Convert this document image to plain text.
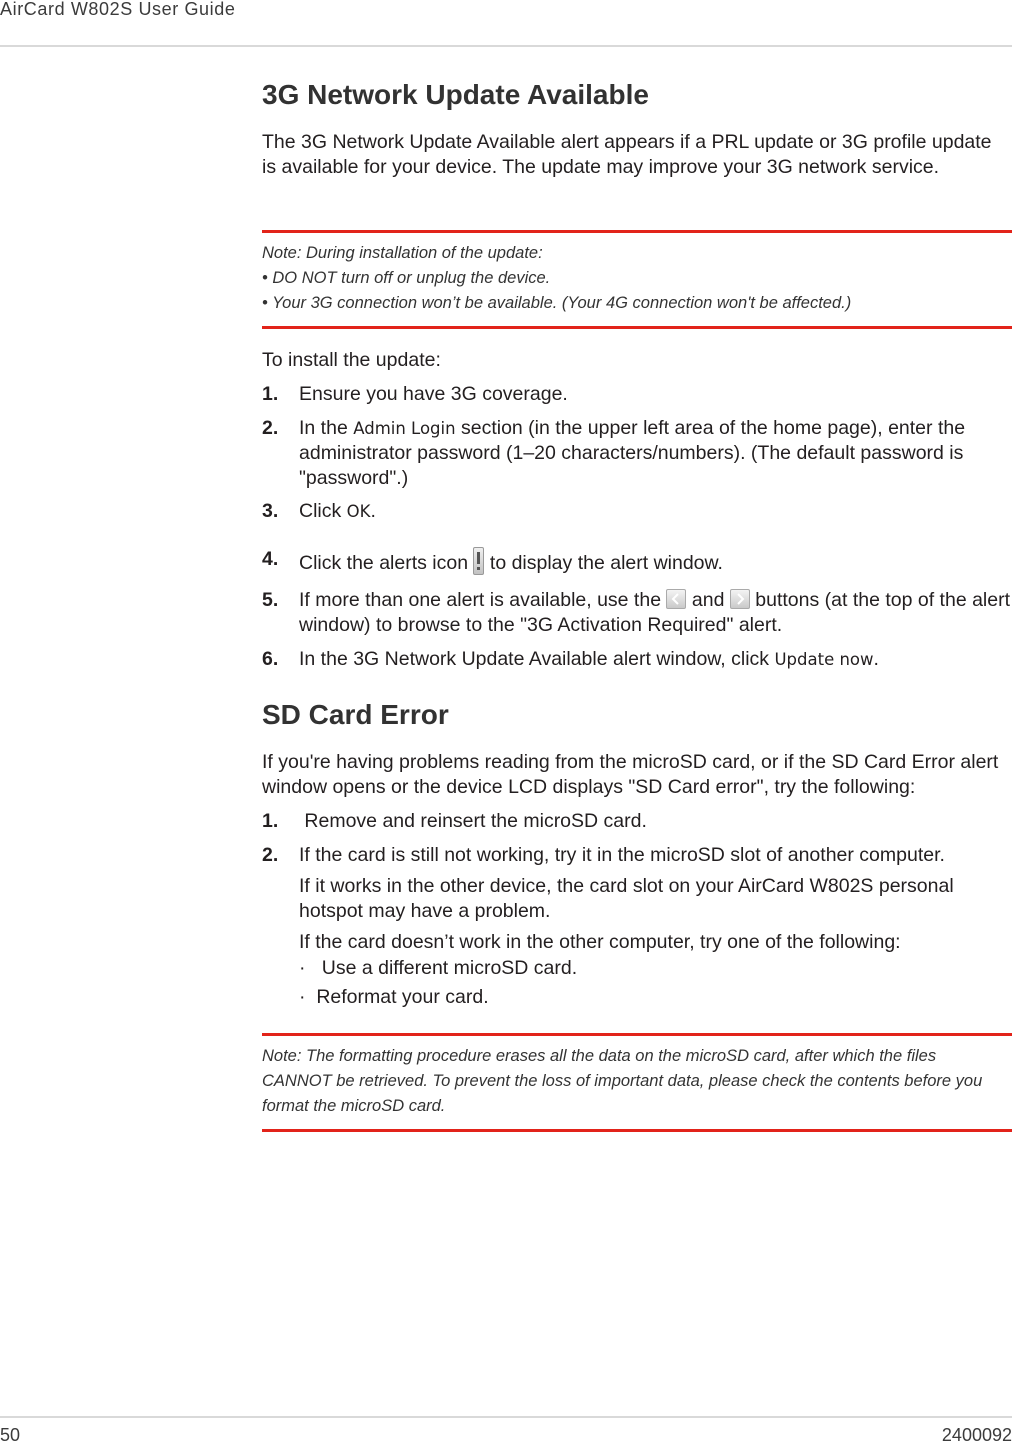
AirCard W802S User Guide
3G Network Update Available
The 3G Network Update Available alert appears if a PRL update or 3G profile update is available for your device. The update may improve your 3G network service.
Note: During installation of the update:
• DO NOT turn off or unplug the device.
• Your 3G connection won’t be available. (Your 4G connection won't be affected.)
To install the update:
1. Ensure you have 3G coverage.
2. In the Admin Login section (in the upper left area of the home page), enter the administrator password (1–20 characters/numbers). (The default password is "password".)
3. Click OK.
4. Click the alerts icon
to display the alert window.
5. If more than one alert is available, use the
and
buttons (at the top of the alert window) to browse to the "3G Activation Required" alert.
6. In the 3G Network Update Available alert window, click Update now.
SD Card Error
If you're having problems reading from the microSD card, or if the SD Card Error alert window opens or the device LCD displays "SD Card error", try the following:
1. Remove and reinsert the microSD card.
2. If the card is still not working, try it in the microSD slot of another computer.
If it works in the other device, the card slot on your AirCard W802S personal hotspot may have a problem.
If the card doesn’t work in the other computer, try one of the following:
·   Use a different microSD card.
·  Reformat your card.
Note: The formatting procedure erases all the data on the microSD card, after which the files CANNOT be retrieved. To prevent the loss of important data, please check the contents before you format the microSD card.
50	2400092
